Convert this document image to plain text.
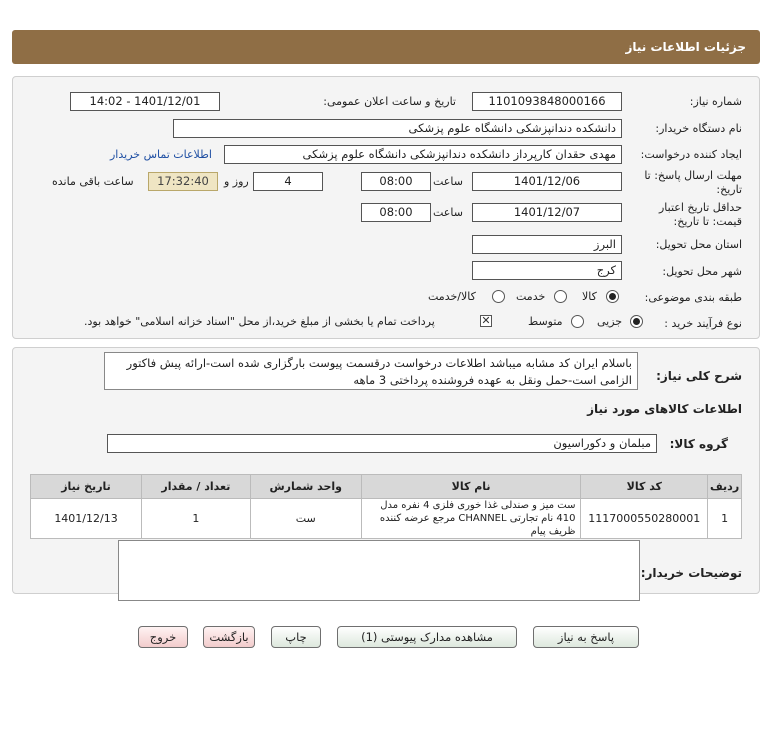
جزئیات اطلاعات نیاز
شماره نیاز:
1101093848000166
تاریخ و ساعت اعلان عمومی:
1401/12/01 - 14:02
نام دستگاه خریدار:
دانشکده دندانپزشکی دانشگاه علوم پزشکی
ایجاد کننده درخواست:
مهدی حقدان کارپرداز دانشکده دندانپزشکی دانشگاه علوم پزشکی
اطلاعات تماس خریدار
مهلت ارسال پاسخ: تا
تاریخ:
1401/12/06
ساعت
08:00
4
روز و
17:32:40
ساعت باقی مانده
حداقل تاریخ اعتبار
قیمت: تا تاریخ:
1401/12/07
ساعت
08:00
استان محل تحویل:
البرز
شهر محل تحویل:
کرج
طبقه بندی موضوعی:
کالا
خدمت
کالا/خدمت
نوع فرآیند خرید :
جزیی
متوسط
✕
پرداخت تمام یا بخشی از مبلغ خرید،از محل "اسناد خزانه اسلامی" خواهد بود.
شرح کلی نیاز:
باسلام ایران کد مشابه میباشد اطلاعات درخواست درقسمت پیوست بارگزاری شده است-ارائه پیش فاکتور الزامی است-حمل ونقل به عهده فروشنده پرداختی 3 ماهه
اطلاعات کالاهای مورد نیاز
گروه کالا:
مبلمان و دکوراسیون
ردیف	کد کالا	نام کالا	واحد شمارش	تعداد / مقدار	تاریخ نیاز
1	1117000550280001	ست میز و صندلی غذا خوری فلزی 4 نفره مدل 410 نام تجارتی CHANNEL مرجع عرضه کننده ظریف پیام	ست	1	1401/12/13
توضیحات خریدار:
پاسخ به نیاز
مشاهده مدارک پیوستی (1)
چاپ
بازگشت
خروج
